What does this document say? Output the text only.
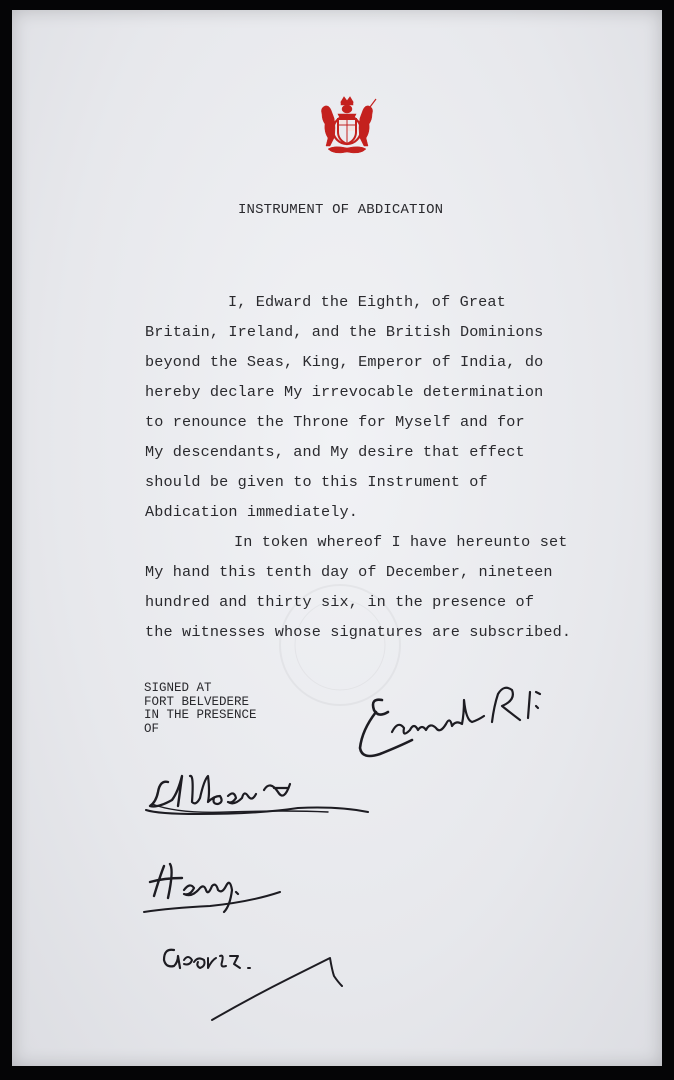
INSTRUMENT OF ABDICATION
I, Edward the Eighth, of Great
Britain, Ireland, and the British Dominions
beyond the Seas, King, Emperor of India, do
hereby declare My irrevocable determination
to renounce the Throne for Myself and for
My descendants, and My desire that effect
should be given to this Instrument of
Abdication immediately.
In token whereof I have hereunto set
My hand this tenth day of December, nineteen
hundred and thirty six, in the presence of
the witnesses whose signatures are subscribed.
SIGNED AT
FORT BELVEDERE
IN THE PRESENCE
OF
